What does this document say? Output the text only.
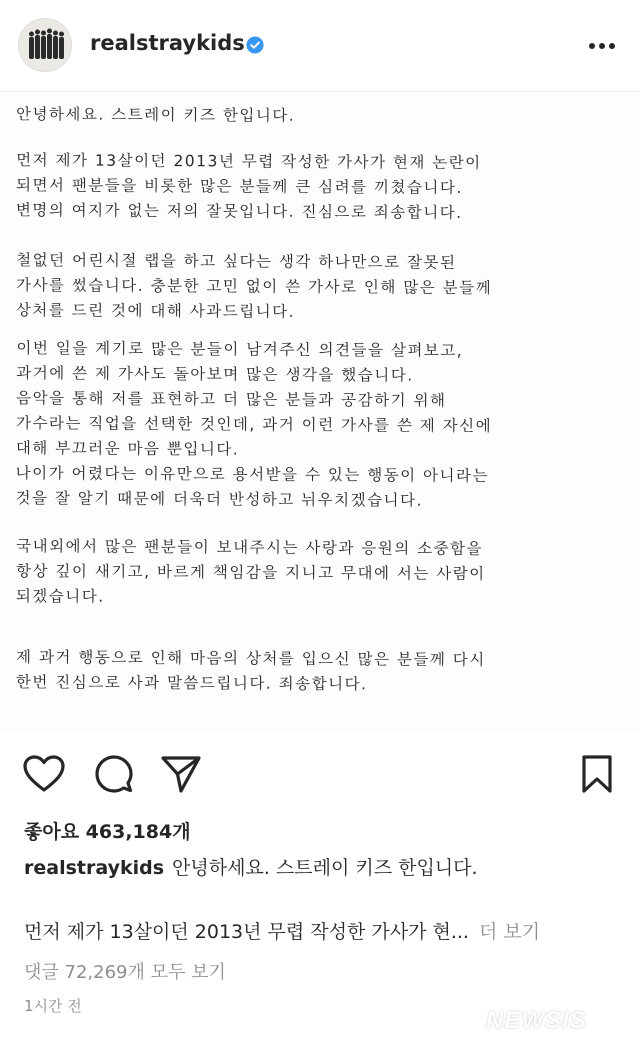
realstraykids

안녕하세요. 스트레이 키즈 한입니다.

먼저 제가 13살이던 2013년 무렵 작성한 가사가 현재 논란이
되면서 팬분들을 비롯한 많은 분들께 큰 심려를 끼쳤습니다.
변명의 여지가 없는 저의 잘못입니다. 진심으로 죄송합니다.

철없던 어린시절 랩을 하고 싶다는 생각 하나만으로 잘못된
가사를 썼습니다. 충분한 고민 없이 쓴 가사로 인해 많은 분들께
상처를 드린 것에 대해 사과드립니다.

이번 일을 계기로 많은 분들이 남겨주신 의견들을 살펴보고,
과거에 쓴 제 가사도 돌아보며 많은 생각을 했습니다.
음악을 통해 저를 표현하고 더 많은 분들과 공감하기 위해
가수라는 직업을 선택한 것인데, 과거 이런 가사를 쓴 제 자신에
대해 부끄러운 마음 뿐입니다.
나이가 어렸다는 이유만으로 용서받을 수 있는 행동이 아니라는
것을 잘 알기 때문에 더욱더 반성하고 뉘우치겠습니다.

국내외에서 많은 팬분들이 보내주시는 사랑과 응원의 소중함을
항상 깊이 새기고, 바르게 책임감을 지니고 무대에 서는 사람이
되겠습니다.

제 과거 행동으로 인해 마음의 상처를 입으신 많은 분들께 다시
한번 진심으로 사과 말씀드립니다. 죄송합니다.

좋아요 463,184개
realstraykids 안녕하세요. 스트레이 키즈 한입니다.
먼저 제가 13살이던 2013년 무렵 작성한 가사가 현... 더 보기
댓글 72,269개 모두 보기
1시간 전
NEWSIS
